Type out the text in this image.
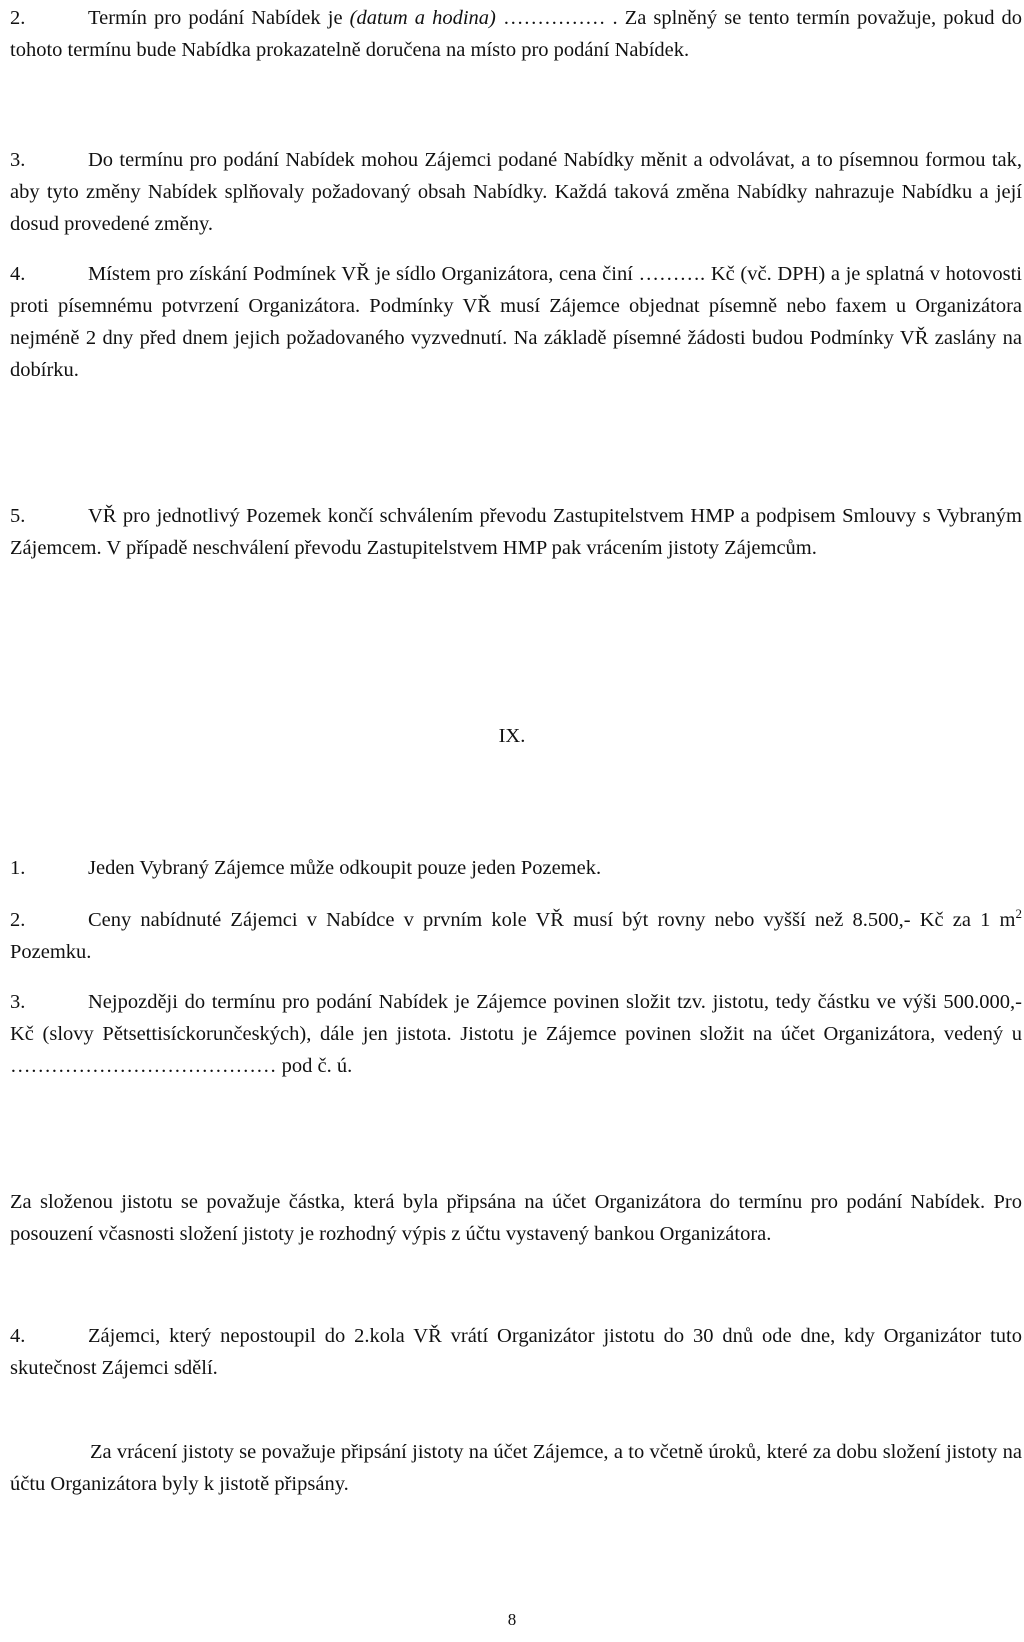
2.	Termín pro podání Nabídek je (datum a hodina) …………… . Za splněný se tento termín považuje, pokud do tohoto termínu bude Nabídka prokazatelně doručena na místo pro podání Nabídek.

3.	Do termínu pro podání Nabídek mohou Zájemci podané Nabídky měnit a odvolávat, a to písemnou formou tak, aby tyto změny Nabídek splňovaly požadovaný obsah Nabídky. Každá taková změna Nabídky nahrazuje Nabídku a její dosud provedené změny.

4.	Místem pro získání Podmínek VŘ je sídlo Organizátora, cena činí ………. Kč (vč. DPH) a je splatná v hotovosti proti písemnému potvrzení Organizátora. Podmínky VŘ musí Zájemce objednat písemně nebo faxem u Organizátora nejméně 2 dny před dnem jejich požadovaného vyzvednutí. Na základě písemné žádosti budou Podmínky VŘ zaslány na dobírku.

5.	VŘ pro jednotlivý Pozemek končí schválením převodu Zastupitelstvem HMP a podpisem Smlouvy s Vybraným Zájemcem. V případě neschválení převodu Zastupitelstvem HMP pak vrácením jistoty Zájemcům.

IX.

1.	Jeden Vybraný Zájemce může odkoupit pouze jeden Pozemek.

2.	Ceny nabídnuté Zájemci v Nabídce v prvním kole VŘ musí být rovny nebo vyšší než 8.500,- Kč za 1 $m^2$ Pozemku.

3.	Nejpozději do termínu pro podání Nabídek je Zájemce povinen složit tzv. jistotu, tedy částku ve výši 500.000,- Kč (slovy Pětsettisíckorunčeských), dále jen jistota. Jistotu je Zájemce povinen složit na účet Organizátora, vedený u ………………………………… pod č. ú.

Za složenou jistotu se považuje částka, která byla připsána na účet Organizátora do termínu pro podání Nabídek. Pro posouzení včasnosti složení jistoty je rozhodný výpis z účtu vystavený bankou Organizátora.

4.	Zájemci, který nepostoupil do 2.kola VŘ vrátí Organizátor jistotu do 30 dnů ode dne, kdy Organizátor tuto skutečnost Zájemci sdělí.

Za vrácení jistoty se považuje připsání jistoty na účet Zájemce, a to včetně úroků, které za dobu složení jistoty na účtu Organizátora byly k jistotě připsány.

8
